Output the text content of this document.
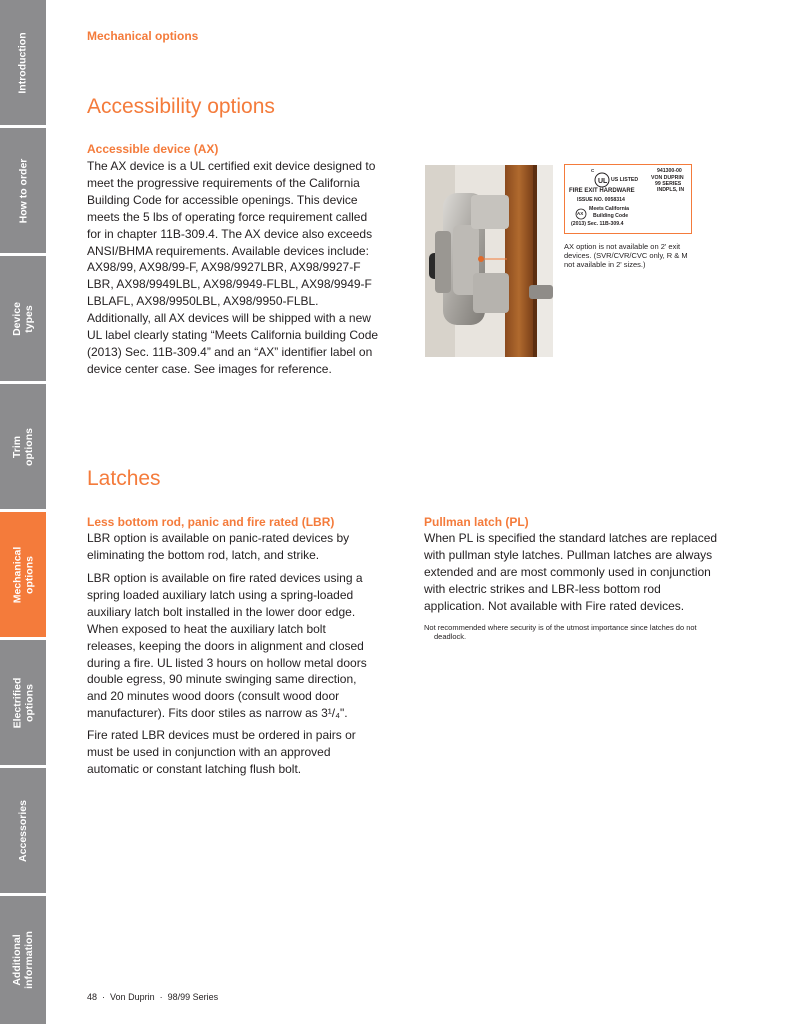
Introduction
How to order
Device
types
Trim
options
Mechanical
options
Electrified
options
Accessories
Additional
information
Mechanical options
Accessibility options
Accessible device (AX)
The AX device is a UL certified exit device designed to
meet the progressive requirements of the California
Building Code for accessible openings. This device
meets the 5 lbs of operating force requirement called
for in chapter 11B-309.4. The AX device also exceeds
ANSI/BHMA requirements. Available devices include:
AX98/99, AX98/99-F, AX98/9927LBR, AX98/9927-F
LBR, AX98/9949LBL, AX98/9949-FLBL, AX98/9949-F
LBLAFL, AX98/9950LBL, AX98/9950-FLBL.
Additionally, all AX devices will be shipped with a new
UL label clearly stating “Meets California building Code
(2013) Sec. 11B-309.4” and an “AX” identifier label on
device center case. See images for reference.
UL
C
US LISTED
941300-00
VON DUPRIN
99 SERIES
INDPLS, IN
FIRE EXIT HARDWARE
ISSUE NO. 0058314
AX
Meets California
Building Code
(2013) Sec. 11B-309.4
AX option is not available on 2' exit
devices. (SVR/CVR/CVC only, R & M
not available in 2' sizes.)
Latches
Less bottom rod, panic and fire rated (LBR)
LBR option is available on panic-rated devices by
eliminating the bottom rod, latch, and strike.
LBR option is available on fire rated devices using a
spring loaded auxiliary latch using a spring-loaded
auxiliary latch bolt installed in the lower door edge.
When exposed to heat the auxiliary latch bolt
releases, keeping the doors in alignment and closed
during a fire. UL listed 3 hours on hollow metal doors
double egress, 90 minute swinging same direction,
and 20 minutes wood doors (consult wood door
manufacturer). Fits door stiles as narrow as 3¹/₄".
Fire rated LBR devices must be ordered in pairs or
must be used in conjunction with an approved
automatic or constant latching flush bolt.
Pullman latch (PL)
When PL is specified the standard latches are replaced
with pullman style latches. Pullman latches are always
extended and are most commonly used in conjunction
with electric strikes and LBR-less bottom rod
application. Not available with Fire rated devices.
Not recommended where security is of the utmost importance since latches do not
deadlock.
48 · Von Duprin · 98/99 Series
